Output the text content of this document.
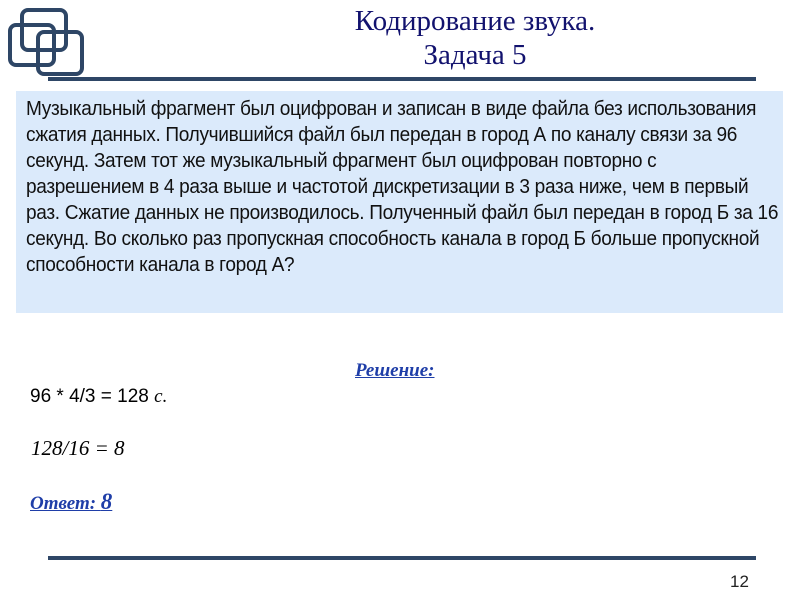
Кодирование звука.
Задача 5

Музыкальный фрагмент был оцифрован и записан в виде файла без использования сжатия данных. Получившийся файл был передан в город А по каналу связи за 96 секунд. Затем тот же музыкальный фрагмент был оцифрован повторно с разрешением в 4 раза выше и частотой дискретизации в 3 раза ниже, чем в первый раз. Сжатие данных не производилось. Полученный файл был передан в город Б за 16 секунд. Во сколько раз пропускная способность канала в город Б больше пропускной способности канала в город А?

Решение:
96 * 4/3 = 128 с.
128/16 = 8
Ответ: 8
12
